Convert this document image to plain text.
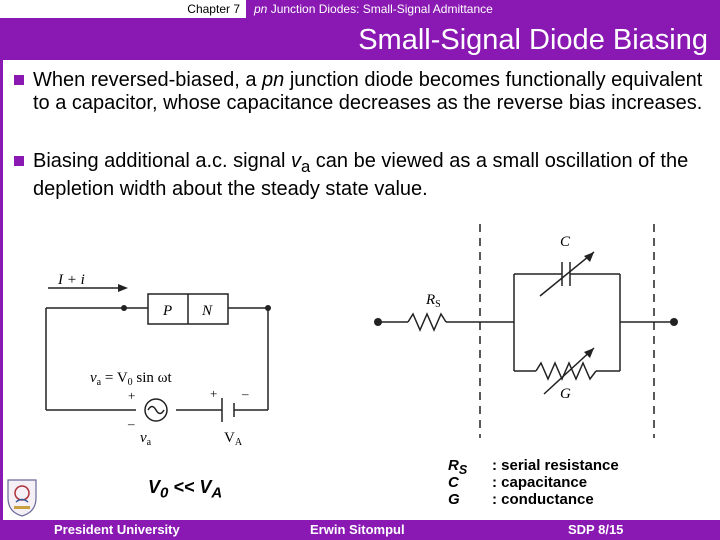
Chapter 7	pn Junction Diodes: Small-Signal Admittance
Small-Signal Diode Biasing
When reversed-biased, a pn junction diode becomes functionally equivalent to a capacitor, whose capacitance decreases as the reverse bias increases.
Biasing additional a.c. signal $v_a$ can be viewed as a small oscillation of the depletion width about the steady state value.
I + i
P N
$v_a = V_0$ sin ωt
+
–
+ –
$v_a$	$V_A$
C
G
$R_S$
$V_0 << V_A$
$R_S$ : serial resistance
C : capacitance
G : conductance
President University	Erwin Sitompul	SDP 8/15
